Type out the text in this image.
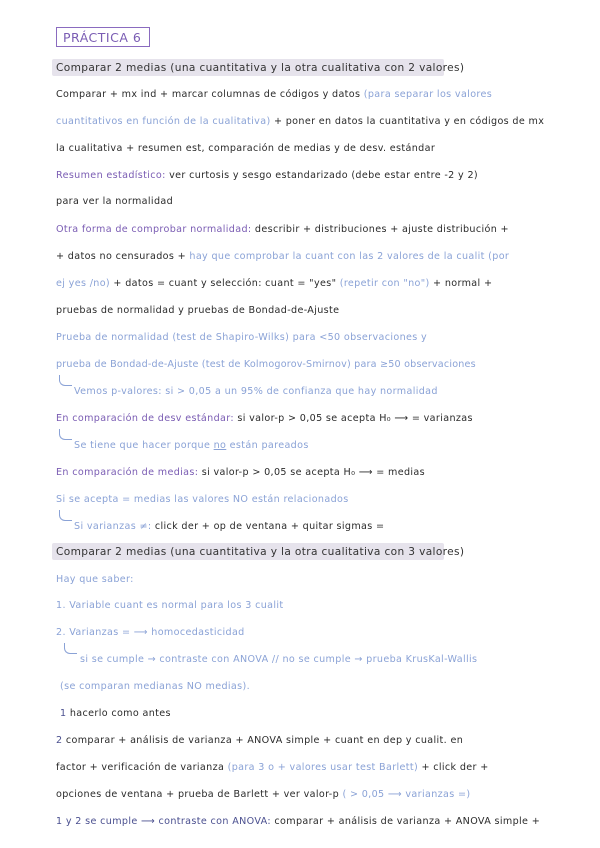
PRÁCTICA 6
Comparar 2 medias (una cuantitativa y la otra cualitativa con 2 valores)
Comparar + mx ind + marcar columnas de códigos y datos (para separar los valores
cuantitativos en función de la cualitativa) + poner en datos la cuantitativa y en códigos de mx
la cualitativa + resumen est, comparación de medias y de desv. estándar
Resumen estadístico: ver curtosis y sesgo estandarizado (debe estar entre -2 y 2)
para ver la normalidad
Otra forma de comprobar normalidad: describir + distribuciones + ajuste distribución +
+ datos no censurados + hay que comprobar la cuant con las 2 valores de la cualit (por
ej yes /no) + datos = cuant y selección: cuant = "yes" (repetir con "no") + normal +
pruebas de normalidad y pruebas de Bondad-de-Ajuste
Prueba de normalidad (test de Shapiro-Wilks) para <50 observaciones y
prueba de Bondad-de-Ajuste (test de Kolmogorov-Smirnov) para ≥50 observaciones
Vemos p-valores: si > 0,05 a un 95% de confianza que hay normalidad
En comparación de desv estándar: si valor-p > 0,05 se acepta H₀ ⟶ = varianzas
Se tiene que hacer porque no están pareados
En comparación de medias: si valor-p > 0,05 se acepta H₀ ⟶ = medias
Si se acepta = medias las valores NO están relacionados
Si varianzas ≠: click der + op de ventana + quitar sigmas =
Comparar 2 medias (una cuantitativa y la otra cualitativa con 3 valores)
Hay que saber:
1. Variable cuant es normal para los 3 cualit
2. Varianzas = ⟶ homocedasticidad
si se cumple → contraste con ANOVA // no se cumple → prueba KrusKal-Wallis
(se comparan medianas NO medias).
1 hacerlo como antes
2 comparar + análisis de varianza + ANOVA simple + cuant en dep y cualit. en
factor + verificación de varianza (para 3 o + valores usar test Barlett) + click der +
opciones de ventana + prueba de Barlett + ver valor-p ( > 0,05 ⟶ varianzas =)
1 y 2 se cumple ⟶ contraste con ANOVA: comparar + análisis de varianza + ANOVA simple +
